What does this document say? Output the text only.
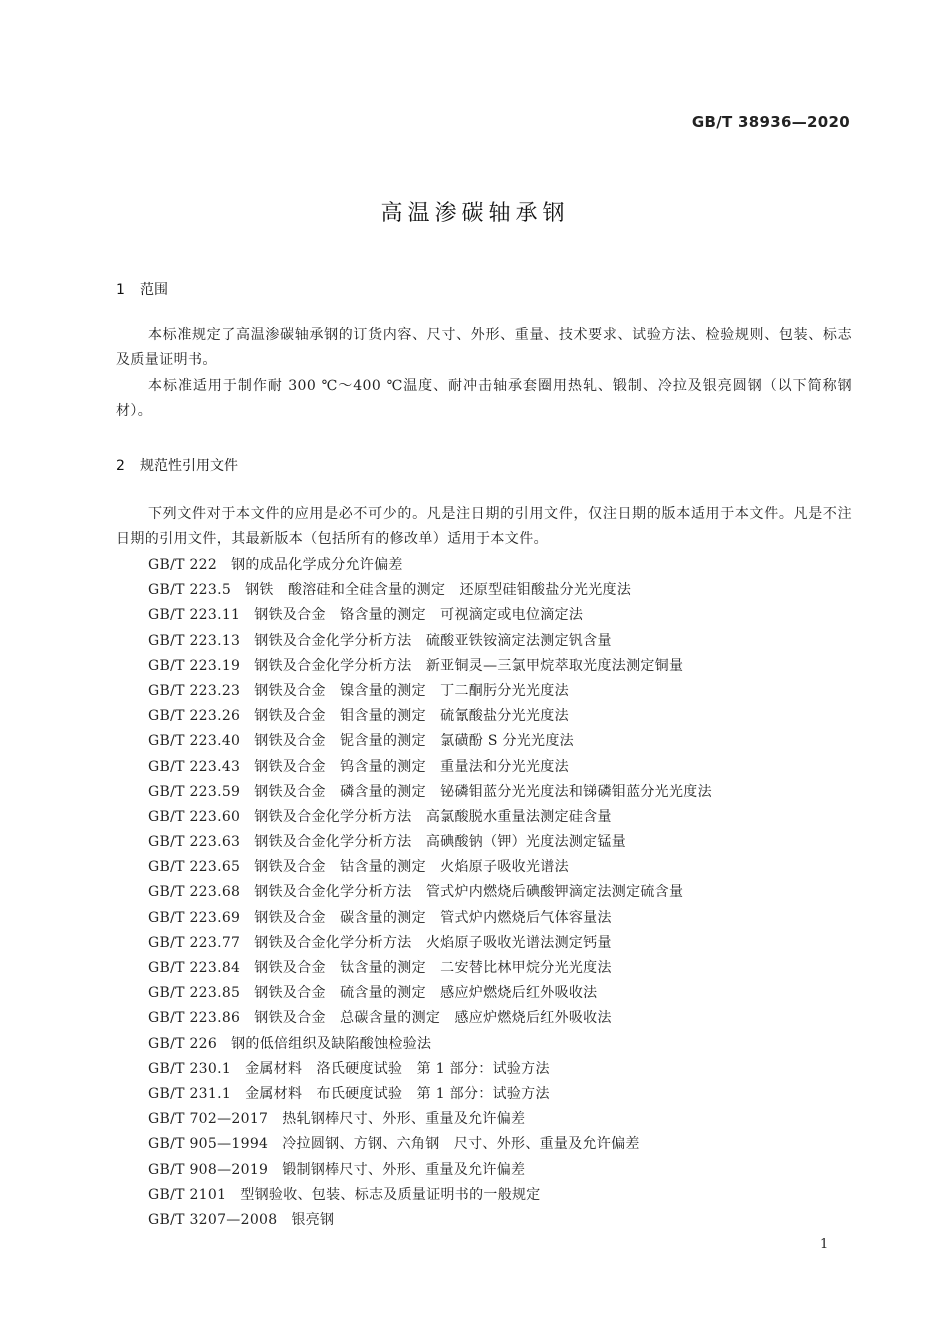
GB/T 38936—2020
高温渗碳轴承钢
1 范围
本标准规定了高温渗碳轴承钢的订货内容、尺寸、外形、重量、技术要求、试验方法、检验规则、包装、标志及质量证明书。
本标准适用于制作耐 300 ℃～400 ℃温度、耐冲击轴承套圈用热轧、锻制、冷拉及银亮圆钢（以下简称钢材）。
2 规范性引用文件
下列文件对于本文件的应用是必不可少的。凡是注日期的引用文件，仅注日期的版本适用于本文件。凡是不注日期的引用文件，其最新版本（包括所有的修改单）适用于本文件。
GB/T 222 钢的成品化学成分允许偏差
GB/T 223.5 钢铁　酸溶硅和全硅含量的测定　还原型硅钼酸盐分光光度法
GB/T 223.11 钢铁及合金　铬含量的测定　可视滴定或电位滴定法
GB/T 223.13 钢铁及合金化学分析方法　硫酸亚铁铵滴定法测定钒含量
GB/T 223.19 钢铁及合金化学分析方法　新亚铜灵—三氯甲烷萃取光度法测定铜量
GB/T 223.23 钢铁及合金　镍含量的测定　丁二酮肟分光光度法
GB/T 223.26 钢铁及合金　钼含量的测定　硫氰酸盐分光光度法
GB/T 223.40 钢铁及合金　铌含量的测定　氯磺酚 S 分光光度法
GB/T 223.43 钢铁及合金　钨含量的测定　重量法和分光光度法
GB/T 223.59 钢铁及合金　磷含量的测定　铋磷钼蓝分光光度法和锑磷钼蓝分光光度法
GB/T 223.60 钢铁及合金化学分析方法　高氯酸脱水重量法测定硅含量
GB/T 223.63 钢铁及合金化学分析方法　高碘酸钠（钾）光度法测定锰量
GB/T 223.65 钢铁及合金　钴含量的测定　火焰原子吸收光谱法
GB/T 223.68 钢铁及合金化学分析方法　管式炉内燃烧后碘酸钾滴定法测定硫含量
GB/T 223.69 钢铁及合金　碳含量的测定　管式炉内燃烧后气体容量法
GB/T 223.77 钢铁及合金化学分析方法　火焰原子吸收光谱法测定钙量
GB/T 223.84 钢铁及合金　钛含量的测定　二安替比林甲烷分光光度法
GB/T 223.85 钢铁及合金　硫含量的测定　感应炉燃烧后红外吸收法
GB/T 223.86 钢铁及合金　总碳含量的测定　感应炉燃烧后红外吸收法
GB/T 226 钢的低倍组织及缺陷酸蚀检验法
GB/T 230.1 金属材料　洛氏硬度试验　第 1 部分：试验方法
GB/T 231.1 金属材料　布氏硬度试验　第 1 部分：试验方法
GB/T 702—2017 热轧钢棒尺寸、外形、重量及允许偏差
GB/T 905—1994 冷拉圆钢、方钢、六角钢　尺寸、外形、重量及允许偏差
GB/T 908—2019 锻制钢棒尺寸、外形、重量及允许偏差
GB/T 2101 型钢验收、包装、标志及质量证明书的一般规定
GB/T 3207—2008 银亮钢
1
